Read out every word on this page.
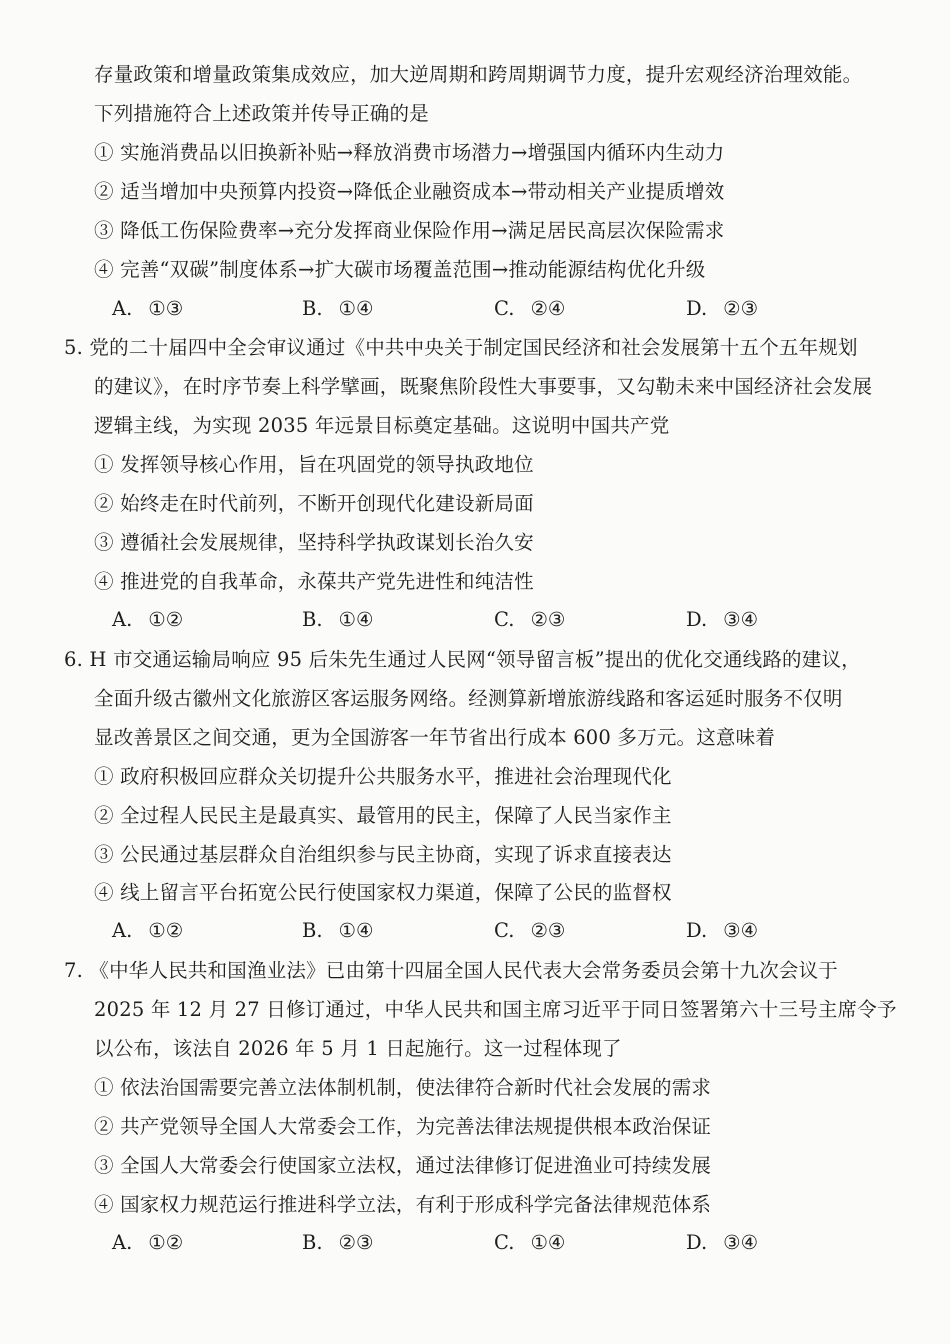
存量政策和增量政策集成效应，加大逆周期和跨周期调节力度，提升宏观经济治理效能。
下列措施符合上述政策并传导正确的是
① 实施消费品以旧换新补贴→释放消费市场潜力→增强国内循环内生动力
② 适当增加中央预算内投资→降低企业融资成本→带动相关产业提质增效
③ 降低工伤保险费率→充分发挥商业保险作用→满足居民高层次保险需求
④ 完善“双碳”制度体系→扩大碳市场覆盖范围→推动能源结构优化升级
A. ①③	B. ①④	C. ②④	D. ②③
5. 党的二十届四中全会审议通过《中共中央关于制定国民经济和社会发展第十五个五年规划
的建议》，在时序节奏上科学擘画，既聚焦阶段性大事要事，又勾勒未来中国经济社会发展
逻辑主线，为实现 2035 年远景目标奠定基础。这说明中国共产党
① 发挥领导核心作用，旨在巩固党的领导执政地位
② 始终走在时代前列，不断开创现代化建设新局面
③ 遵循社会发展规律，坚持科学执政谋划长治久安
④ 推进党的自我革命，永葆共产党先进性和纯洁性
A. ①②	B. ①④	C. ②③	D. ③④
6. H 市交通运输局响应 95 后朱先生通过人民网“领导留言板”提出的优化交通线路的建议，
全面升级古徽州文化旅游区客运服务网络。经测算新增旅游线路和客运延时服务不仅明
显改善景区之间交通，更为全国游客一年节省出行成本 600 多万元。这意味着
① 政府积极回应群众关切提升公共服务水平，推进社会治理现代化
② 全过程人民民主是最真实、最管用的民主，保障了人民当家作主
③ 公民通过基层群众自治组织参与民主协商，实现了诉求直接表达
④ 线上留言平台拓宽公民行使国家权力渠道，保障了公民的监督权
A. ①②	B. ①④	C. ②③	D. ③④
7. 《中华人民共和国渔业法》已由第十四届全国人民代表大会常务委员会第十九次会议于
2025 年 12 月 27 日修订通过，中华人民共和国主席习近平于同日签署第六十三号主席令予
以公布，该法自 2026 年 5 月 1 日起施行。这一过程体现了
① 依法治国需要完善立法体制机制，使法律符合新时代社会发展的需求
② 共产党领导全国人大常委会工作，为完善法律法规提供根本政治保证
③ 全国人大常委会行使国家立法权，通过法律修订促进渔业可持续发展
④ 国家权力规范运行推进科学立法，有利于形成科学完备法律规范体系
A. ①②	B. ②③	C. ①④	D. ③④
